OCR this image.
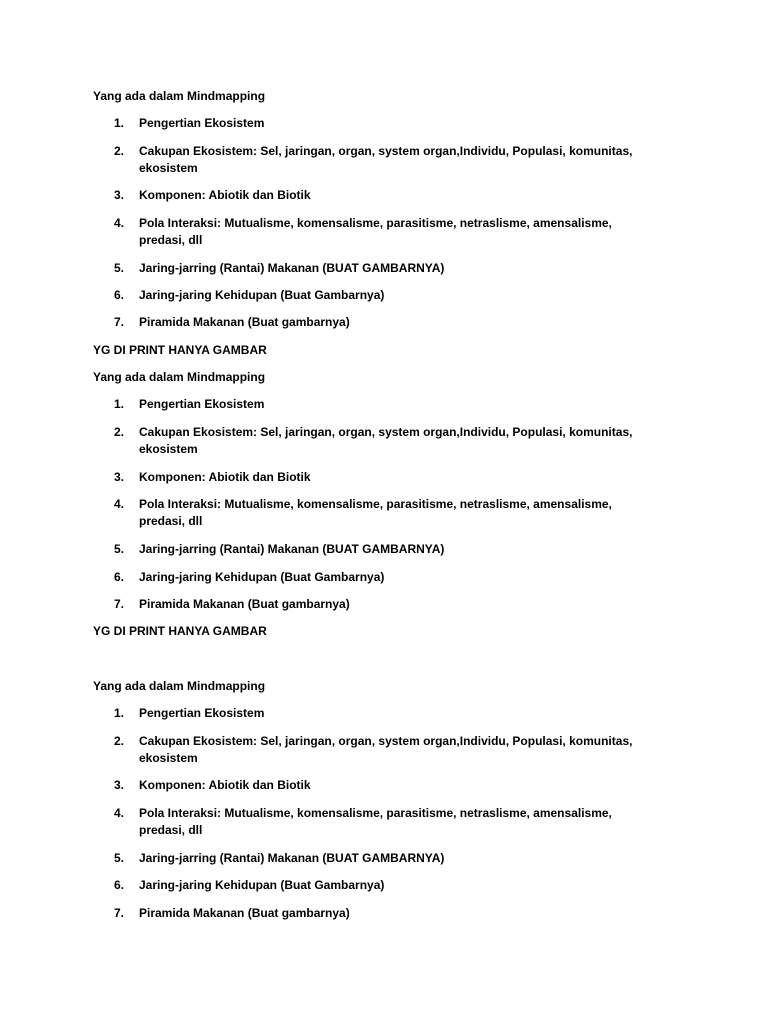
Yang ada dalam Mindmapping
1.	Pengertian Ekosistem
2.	Cakupan Ekosistem: Sel, jaringan, organ, system organ,Individu, Populasi, komunitas, ekosistem
3.	Komponen: Abiotik dan Biotik
4.	Pola Interaksi: Mutualisme, komensalisme, parasitisme, netraslisme, amensalisme, predasi, dll
5.	Jaring-jarring (Rantai) Makanan (BUAT GAMBARNYA)
6.	Jaring-jaring Kehidupan (Buat Gambarnya)
7.	Piramida Makanan (Buat gambarnya)
YG DI PRINT HANYA GAMBAR
Yang ada dalam Mindmapping
1.	Pengertian Ekosistem
2.	Cakupan Ekosistem: Sel, jaringan, organ, system organ,Individu, Populasi, komunitas, ekosistem
3.	Komponen: Abiotik dan Biotik
4.	Pola Interaksi: Mutualisme, komensalisme, parasitisme, netraslisme, amensalisme, predasi, dll
5.	Jaring-jarring (Rantai) Makanan (BUAT GAMBARNYA)
6.	Jaring-jaring Kehidupan (Buat Gambarnya)
7.	Piramida Makanan (Buat gambarnya)
YG DI PRINT HANYA GAMBAR
Yang ada dalam Mindmapping
1.	Pengertian Ekosistem
2.	Cakupan Ekosistem: Sel, jaringan, organ, system organ,Individu, Populasi, komunitas, ekosistem
3.	Komponen: Abiotik dan Biotik
4.	Pola Interaksi: Mutualisme, komensalisme, parasitisme, netraslisme, amensalisme, predasi, dll
5.	Jaring-jarring (Rantai) Makanan (BUAT GAMBARNYA)
6.	Jaring-jaring Kehidupan (Buat Gambarnya)
7.	Piramida Makanan (Buat gambarnya)
